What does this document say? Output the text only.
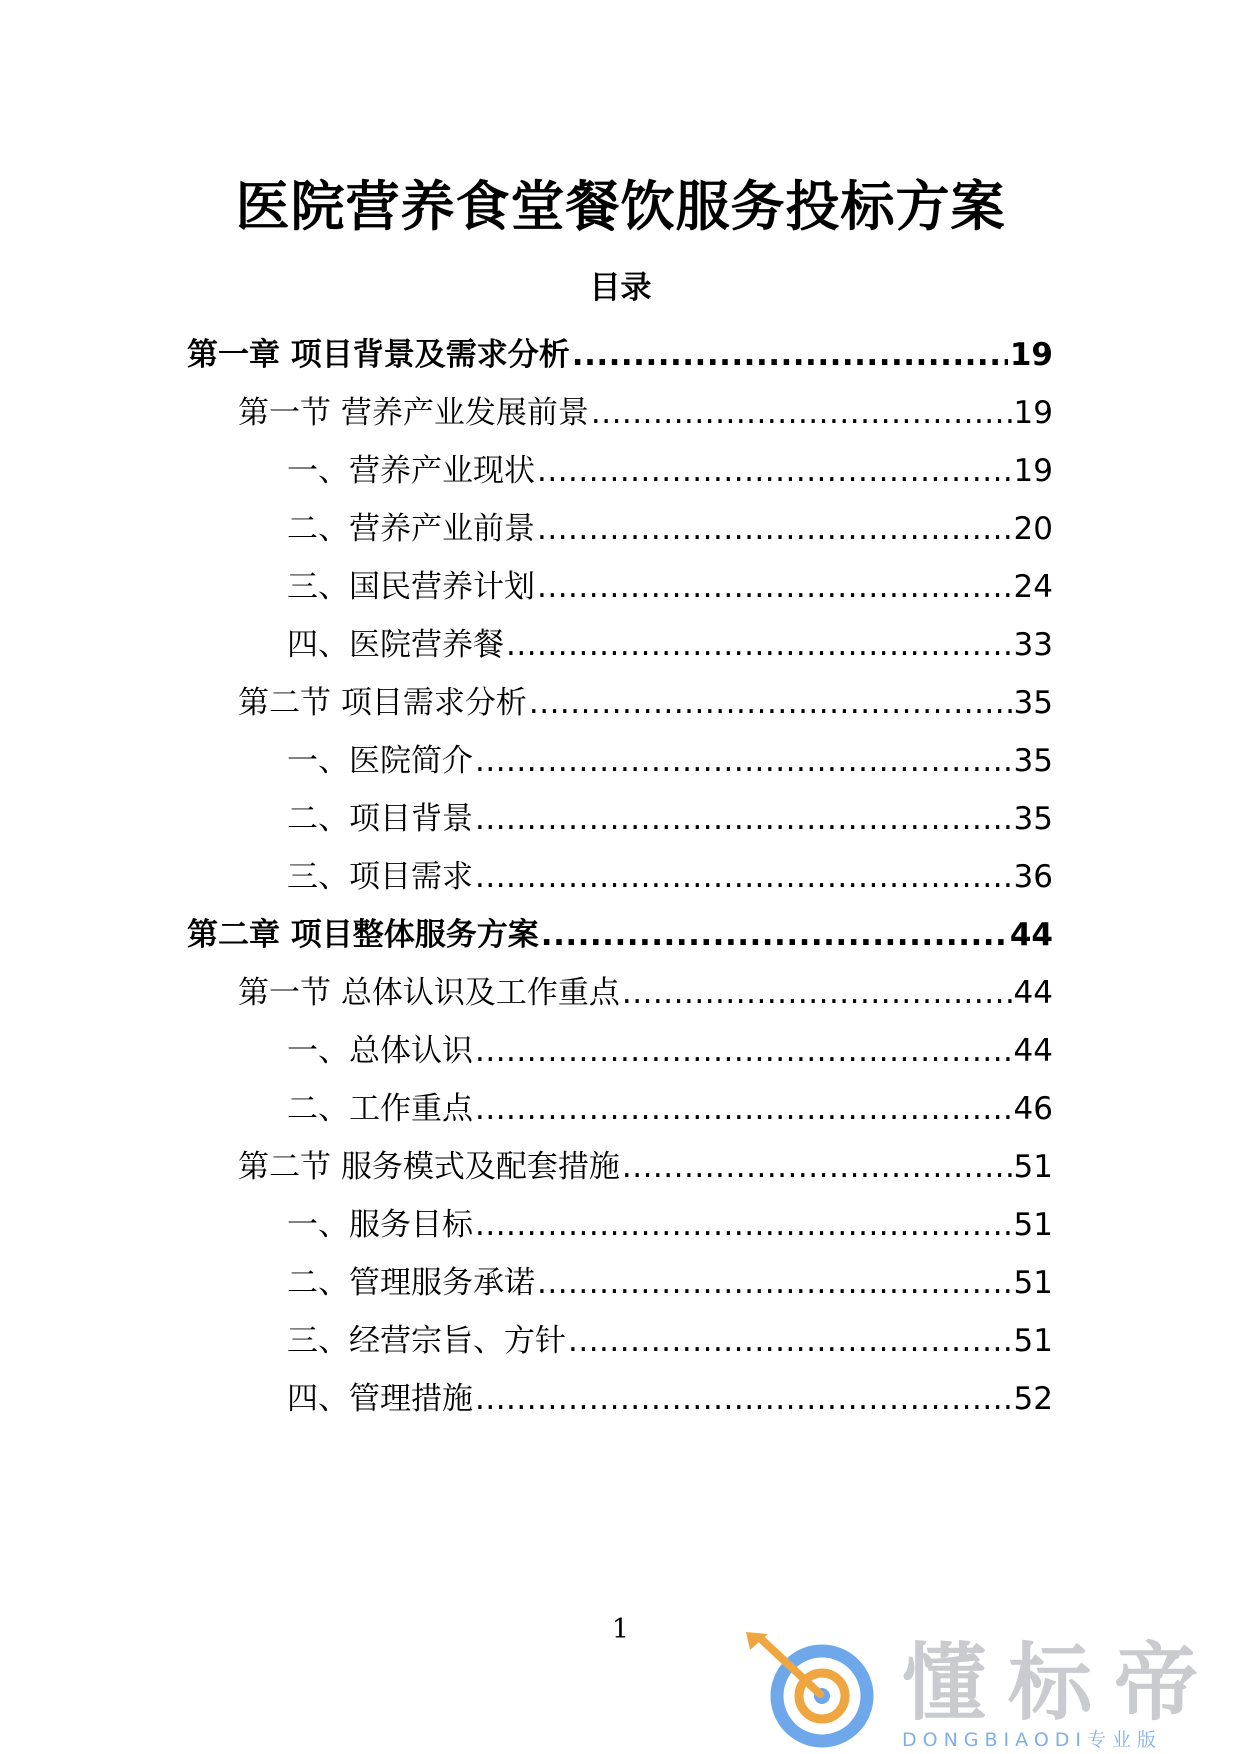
医院营养食堂餐饮服务投标方案
目录
第一章 项目背景及需求分析 .....	19
第一节 营养产业发展前景 .....	19
一、营养产业现状 .....	19
二、营养产业前景 .....	20
三、国民营养计划 .....	24
四、医院营养餐 .....	33
第二节 项目需求分析 .....	35
一、医院简介 .....	35
二、项目背景 .....	35
三、项目需求 .....	36
第二章 项目整体服务方案 .....	44
第一节 总体认识及工作重点 .....	44
一、总体认识 .....	44
二、工作重点 .....	46
第二节 服务模式及配套措施 .....	51
一、服务目标 .....	51
二、管理服务承诺 .....	51
三、经营宗旨、方针 .....	51
四、管理措施 .....	52
1
懂标帝
DONGBIAODI专业版
